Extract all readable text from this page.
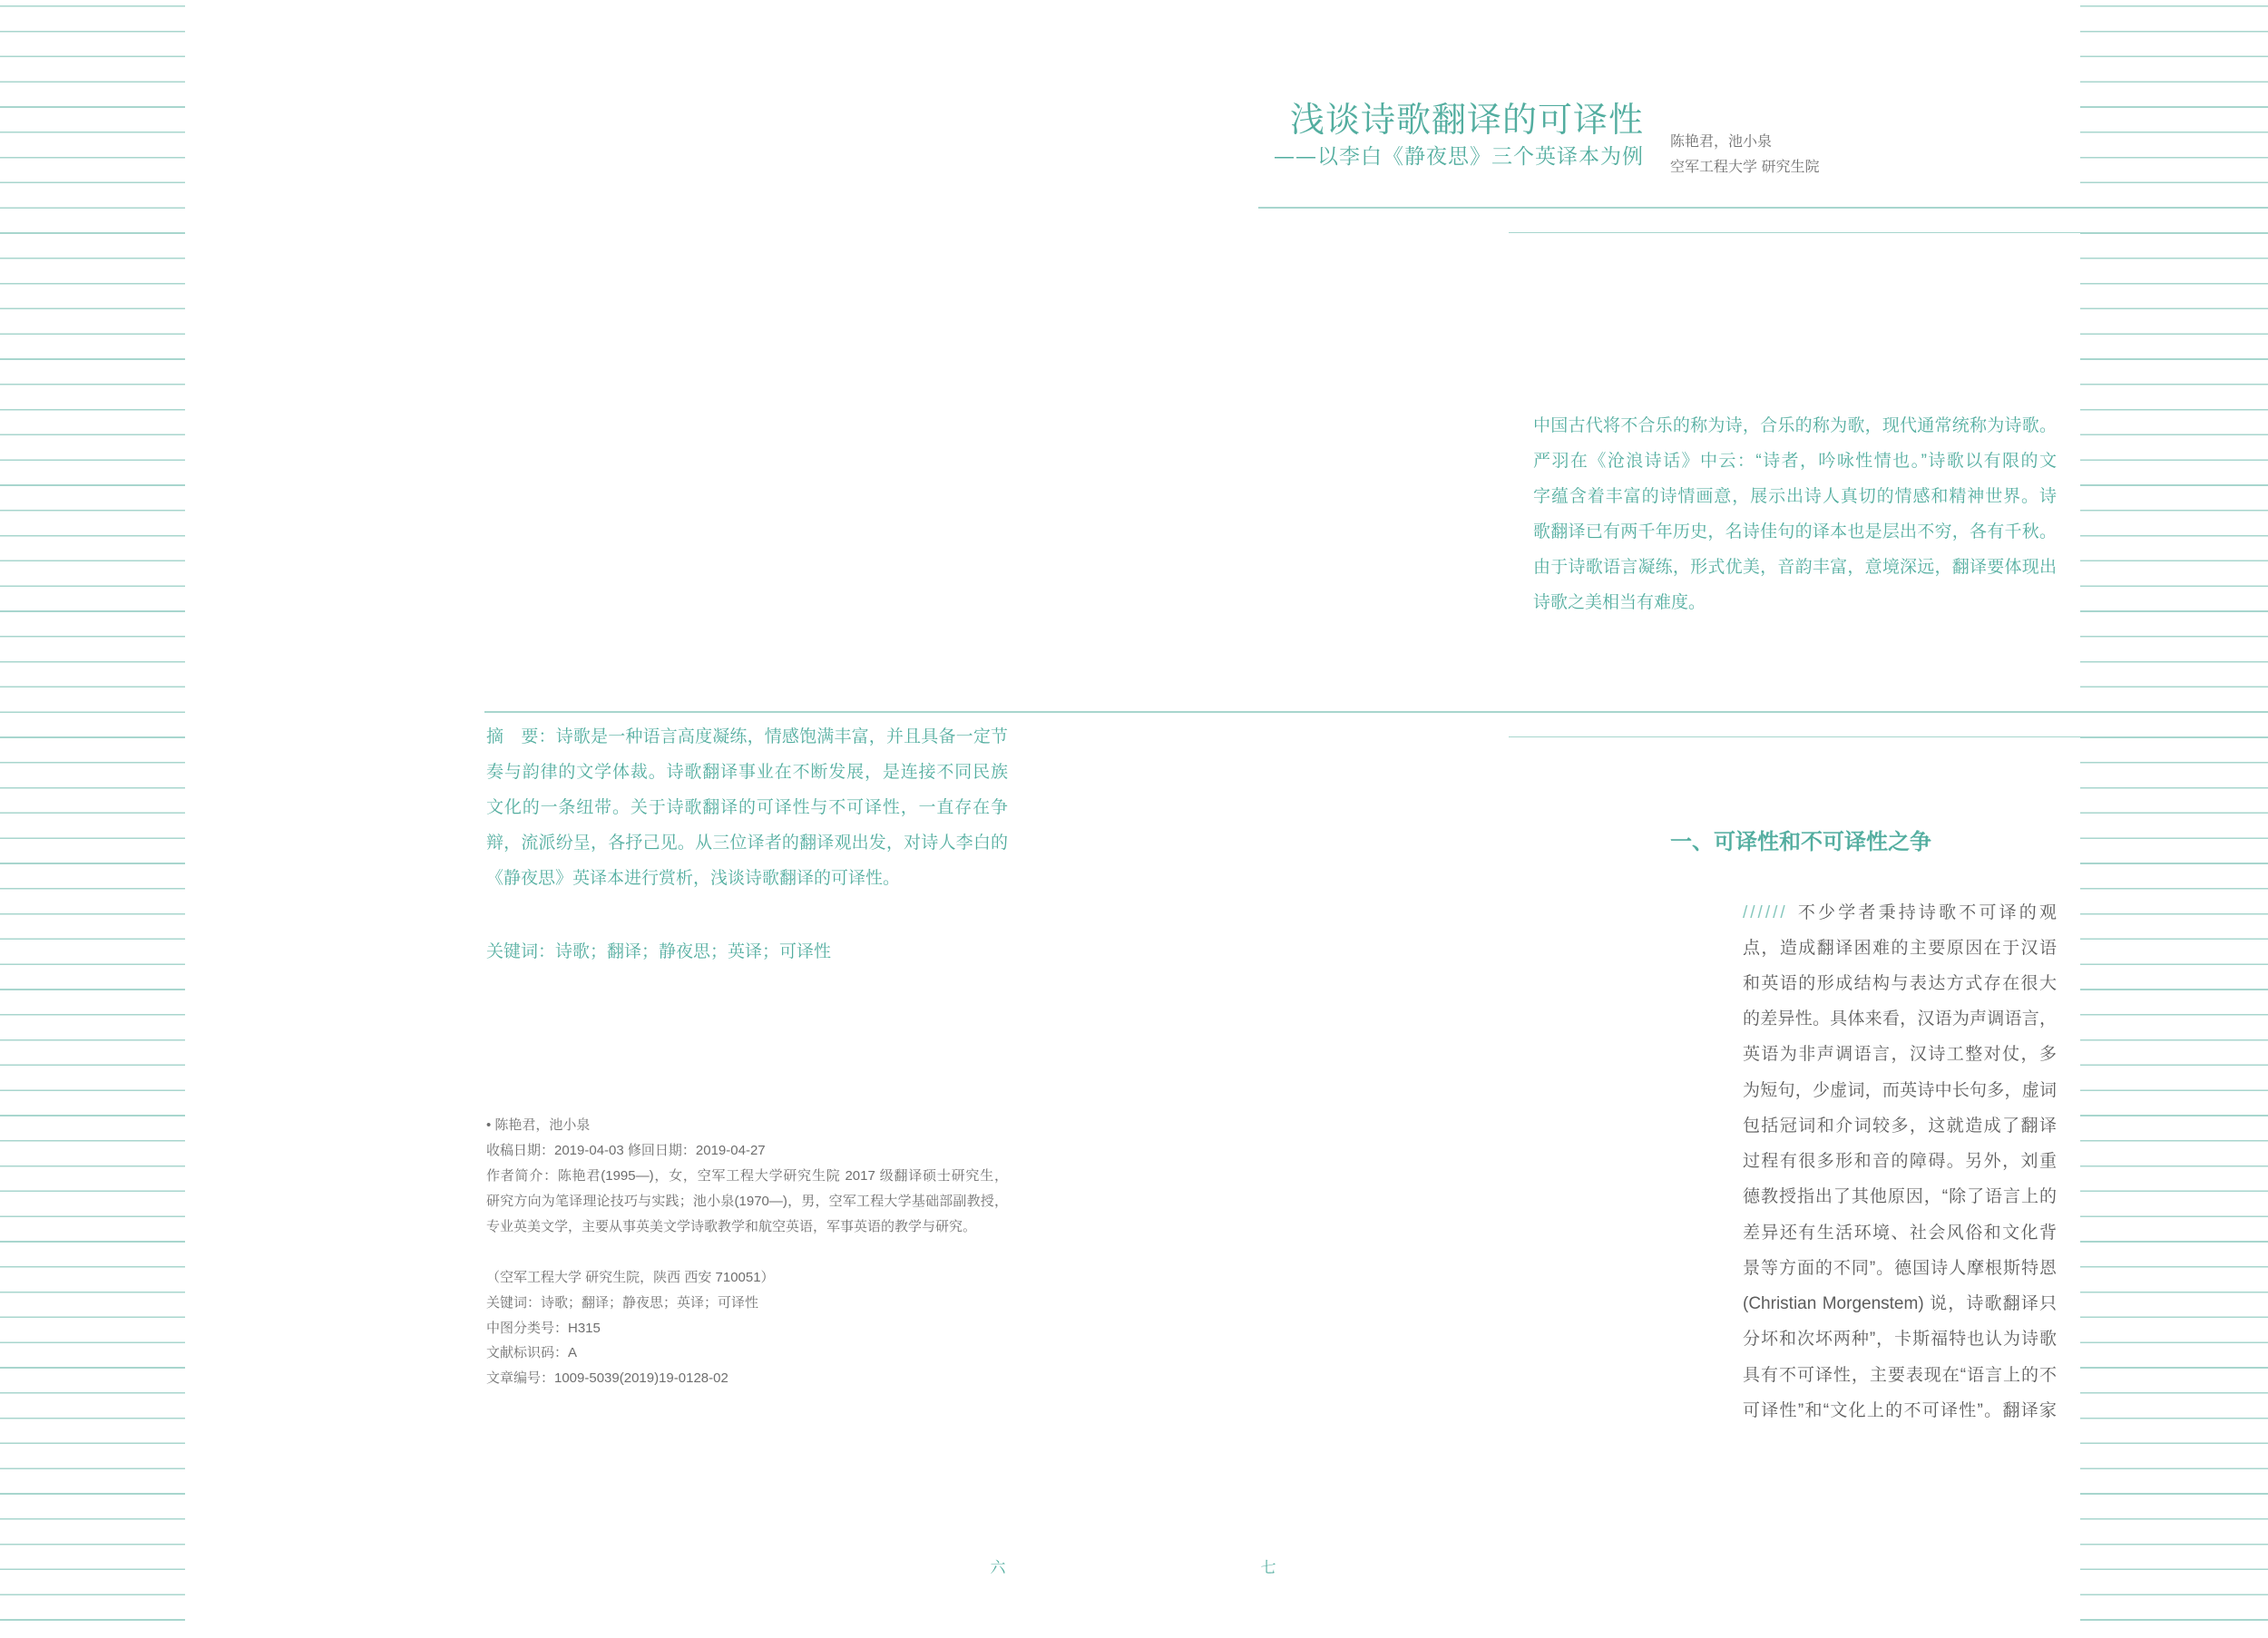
浅谈诗歌翻译的可译性
——以李白《静夜思》三个英译本为例
陈艳君，池小泉
空军工程大学 研究生院
中国古代将不合乐的称为诗，合乐的称为歌，现代通常统称为诗歌。
严羽在《沧浪诗话》中云：“诗者，吟咏性情也。”诗歌以有限的文
字蕴含着丰富的诗情画意，展示出诗人真切的情感和精神世界。诗
歌翻译已有两千年历史，名诗佳句的译本也是层出不穷，各有千秋。
由于诗歌语言凝练，形式优美，音韵丰富，意境深远，翻译要体现出
诗歌之美相当有难度。
摘　要：诗歌是一种语言高度凝练，情感饱满丰富，并且具备一定节
奏与韵律的文学体裁。诗歌翻译事业在不断发展，是连接不同民族
文化的一条纽带。关于诗歌翻译的可译性与不可译性，一直存在争
辩，流派纷呈，各抒己见。从三位译者的翻译观出发，对诗人李白的
《静夜思》英译本进行赏析，浅谈诗歌翻译的可译性。
关键词：诗歌；翻译；静夜思；英译；可译性
• 陈艳君，池小泉
收稿日期：2019-04-03 修回日期：2019-04-27
作者简介：陈艳君(1995—)，女，空军工程大学研究生院 2017 级翻译硕士研究生，
研究方向为笔译理论技巧与实践；池小泉(1970—)，男，空军工程大学基础部副教授，
专业英美文学，主要从事英美文学诗歌教学和航空英语，军事英语的教学与研究。
（空军工程大学 研究生院，陕西 西安 710051）
关键词：诗歌；翻译；静夜思；英译；可译性
中图分类号：H315
文献标识码：A
文章编号：1009-5039(2019)19-0128-02
一、可译性和不可译性之争
////// 不少学者秉持诗歌不可译的观
点，造成翻译困难的主要原因在于汉语
和英语的形成结构与表达方式存在很大
的差异性。具体来看，汉语为声调语言，
英语为非声调语言，汉诗工整对仗，多
为短句，少虚词，而英诗中长句多，虚词
包括冠词和介词较多，这就造成了翻译
过程有很多形和音的障碍。另外，刘重
德教授指出了其他原因，“除了语言上的
差异还有生活环境、社会风俗和文化背
景等方面的不同”。德国诗人摩根斯特恩
(Christian Morgenstem) 说，诗歌翻译只
分坏和次坏两种”，卡斯福特也认为诗歌
具有不可译性，主要表现在“语言上的不
可译性”和“文化上的不可译性”。翻译家
六	七
